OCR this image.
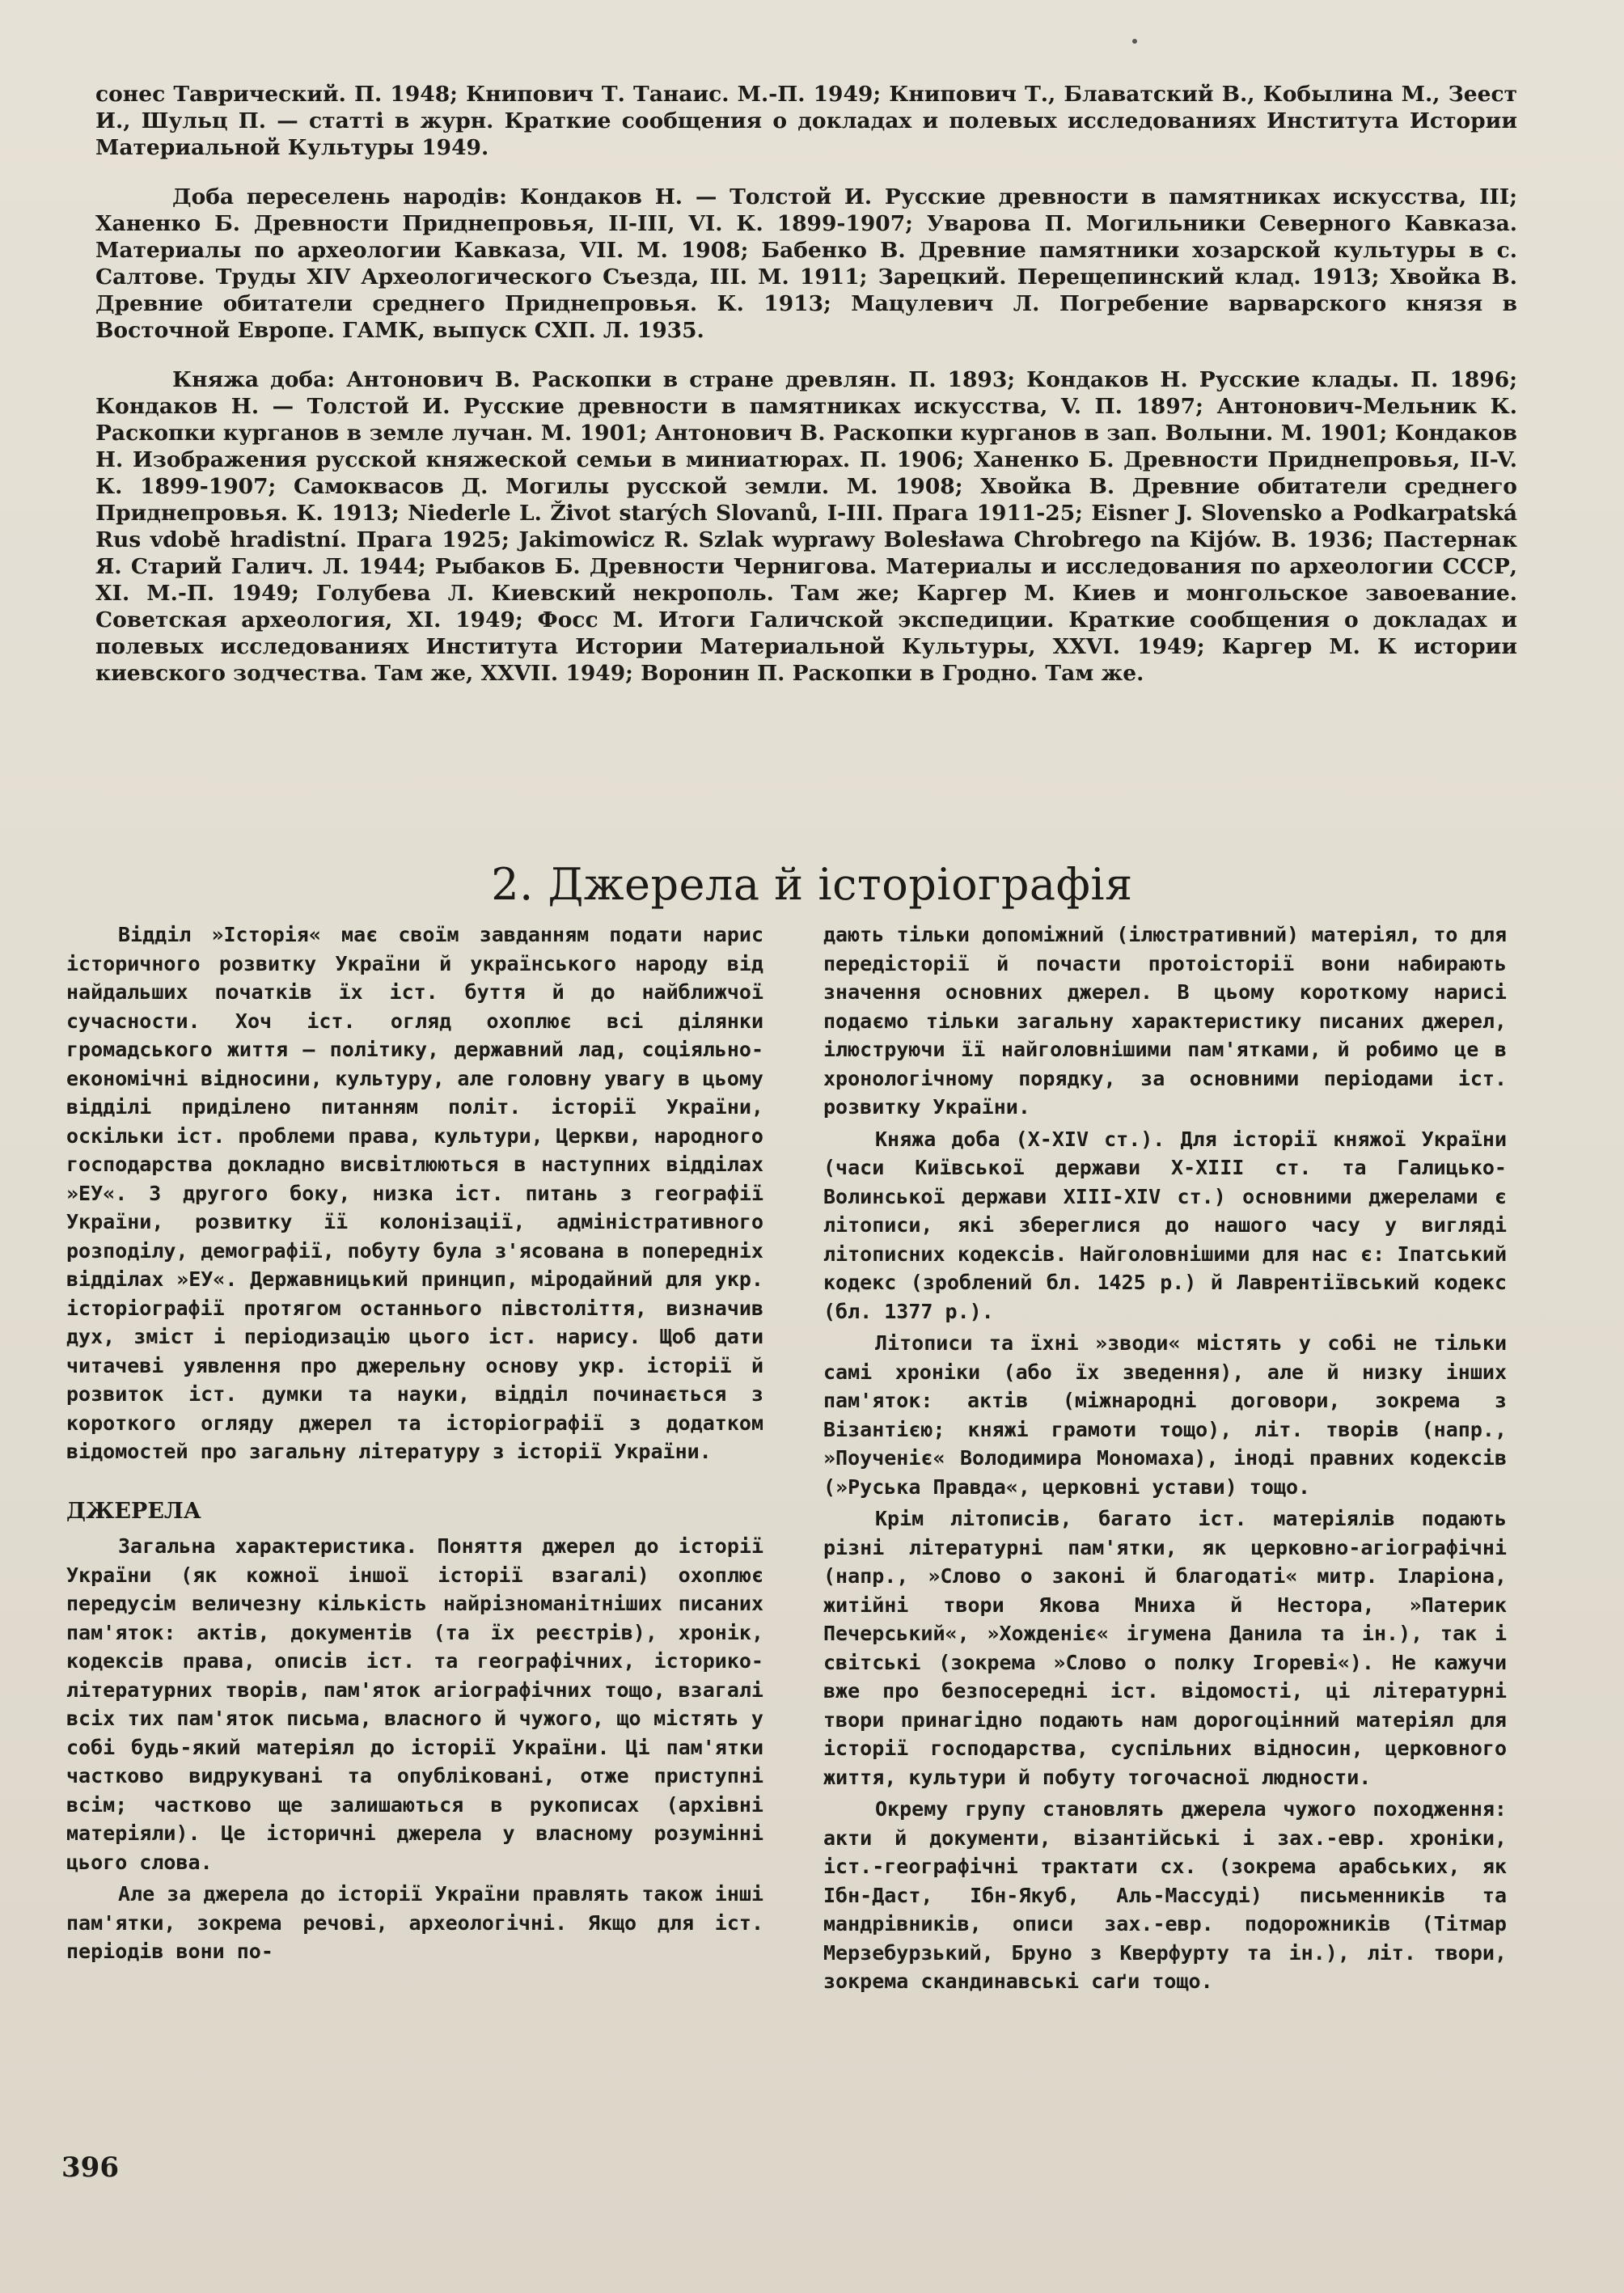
сонес Таврический. П. 1948; Книпович Т. Танаис. М.-П. 1949; Книпович Т., Блаватский В., Кобылина М., Зеест И., Шульц П. — статті в журн. Краткие сообщения о докладах и полевых исследованиях Института Истории Материальной Культуры 1949.

Доба переселень народів: Кондаков Н. — Толстой И. Русские древности в памятниках искусства, III; Ханенко Б. Древности Приднепровья, II-III, VI. К. 1899-1907; Уварова П. Могильники Северного Кавказа. Материалы по археологии Кавказа, VII. М. 1908; Бабенко В. Древние памятники хозарской культуры в с. Салтове. Труды XIV Археологического Съезда, III. М. 1911; Зарецкий. Перещепинский клад. 1913; Хвойка В. Древние обитатели среднего Приднепровья. К. 1913; Мацулевич Л. Погребение варварского князя в Восточной Европе. ГАМК, выпуск СХП. Л. 1935.

Княжа доба: Антонович В. Раскопки в стране древлян. П. 1893; Кондаков Н. Русские клады. П. 1896; Кондаков Н. — Толстой И. Русские древности в памятниках искусства, V. П. 1897; Антонович-Мельник К. Раскопки курганов в земле лучан. М. 1901; Антонович В. Раскопки курганов в зап. Волыни. М. 1901; Кондаков Н. Изображения русской княжеской семьи в миниатюрах. П. 1906; Ханенко Б. Древности Приднепровья, II-V. К. 1899-1907; Самоквасов Д. Могилы русской земли. М. 1908; Хвойка В. Древние обитатели среднего Приднепровья. К. 1913; Niederle L. Život starých Slovanů, I-III. Прага 1911-25; Eisner J. Slovensko a Podkarpatská Rus vdobě hradistní. Прага 1925; Jakimowicz R. Szlak wyprawy Bolesława Chrobrego na Kijów. В. 1936; Пастернак Я. Старий Галич. Л. 1944; Рыбаков Б. Древности Чернигова. Материалы и исследования по археологии СССР, XI. М.-П. 1949; Голубева Л. Киевский некрополь. Там же; Каргер М. Киев и монгольское завоевание. Советская археология, XI. 1949; Фосс М. Итоги Галичской экспедиции. Краткие сообщения о докладах и полевых исследованиях Института Истории Материальной Культуры, XXVI. 1949; Каргер М. К истории киевского зодчества. Там же, XXVII. 1949; Воронин П. Раскопки в Гродно. Там же.

2. Джерела й історіографія

Відділ »Історія« має своїм завданням подати нарис історичного розвитку України й українського народу від найдальших початків їх іст. буття й до найближчої сучасности. Хоч іст. огляд охоплює всі ділянки громадського життя — політику, державний лад, соціяльно-економічні відносини, культуру, але головну увагу в цьому відділі приділено питанням політ. історії України, оскільки іст. проблеми права, культури, Церкви, народного господарства докладно висвітлюються в наступних відділах »ЕУ«. З другого боку, низка іст. питань з географії України, розвитку її колонізації, адміністративного розподілу, демографії, побуту була з'ясована в попередніх відділах »ЕУ«. Державницький принцип, міродайний для укр. історіографії протягом останнього півстоліття, визначив дух, зміст і періодизацію цього іст. нарису. Щоб дати читачеві уявлення про джерельну основу укр. історії й розвиток іст. думки та науки, відділ починається з короткого огляду джерел та історіографії з додатком відомостей про загальну літературу з історії України.

ДЖЕРЕЛА

Загальна характеристика. Поняття джерел до історії України (як кожної іншої історії взагалі) охоплює передусім величезну кількість найрізноманітніших писаних пам'яток: актів, документів (та їх реєстрів), хронік, кодексів права, описів іст. та географічних, історико-літературних творів, пам'яток агіографічних тощо, взагалі всіх тих пам'яток письма, власного й чужого, що містять у собі будь-який матеріял до історії України. Ці пам'ятки частково видрукувані та опубліковані, отже приступні всім; частково ще залишаються в рукописах (архівні матеріяли). Це історичні джерела у власному розумінні цього слова.

Але за джерела до історії України правлять також інші пам'ятки, зокрема речові, археологічні. Якщо для іст. періодів вони по-

дають тільки допоміжний (ілюстративний) матеріял, то для передісторії й почасти протоісторії вони набирають значення основних джерел. В цьому короткому нарисі подаємо тільки загальну характеристику писаних джерел, ілюструючи її найголовнішими пам'ятками, й робимо це в хронологічному порядку, за основними періодами іст. розвитку України.

Княжа доба (X-XIV ст.). Для історії княжої України (часи Київської держави X-XIII ст. та Галицько-Волинської держави XIII-XIV ст.) основними джерелами є літописи, які збереглися до нашого часу у вигляді літописних кодексів. Найголовнішими для нас є: Іпатський кодекс (зроблений бл. 1425 р.) й Лаврентіївський кодекс (бл. 1377 р.).

Літописи та їхні »зводи« містять у собі не тільки самі хроніки (або їх зведення), але й низку інших пам'яток: актів (міжнародні договори, зокрема з Візантією; княжі грамоти тощо), літ. творів (напр., »Поученіє« Володимира Мономаха), іноді правних кодексів (»Руська Правда«, церковні устави) тощо.

Крім літописів, багато іст. матеріялів подають різні літературні пам'ятки, як церковно-агіографічні (напр., »Слово о законі й благодаті« митр. Іларіона, житійні твори Якова Мниха й Нестора, »Патерик Печерський«, »Хожденіє« ігумена Данила та ін.), так і світські (зокрема »Слово о полку Ігореві«). Не кажучи вже про безпосередні іст. відомості, ці літературні твори принагідно подають нам дорогоцінний матеріял для історії господарства, суспільних відносин, церковного життя, культури й побуту тогочасної людности.

Окрему групу становлять джерела чужого походження: акти й документи, візантійські і зах.-евр. хроніки, іст.-географічні трактати сх. (зокрема арабських, як Ібн-Даст, Ібн-Якуб, Аль-Массуді) письменників та мандрівників, описи зах.-евр. подорожників (Тітмар Мерзебурзький, Бруно з Кверфурту та ін.), літ. твори, зокрема скандинавські саґи тощо.

396
